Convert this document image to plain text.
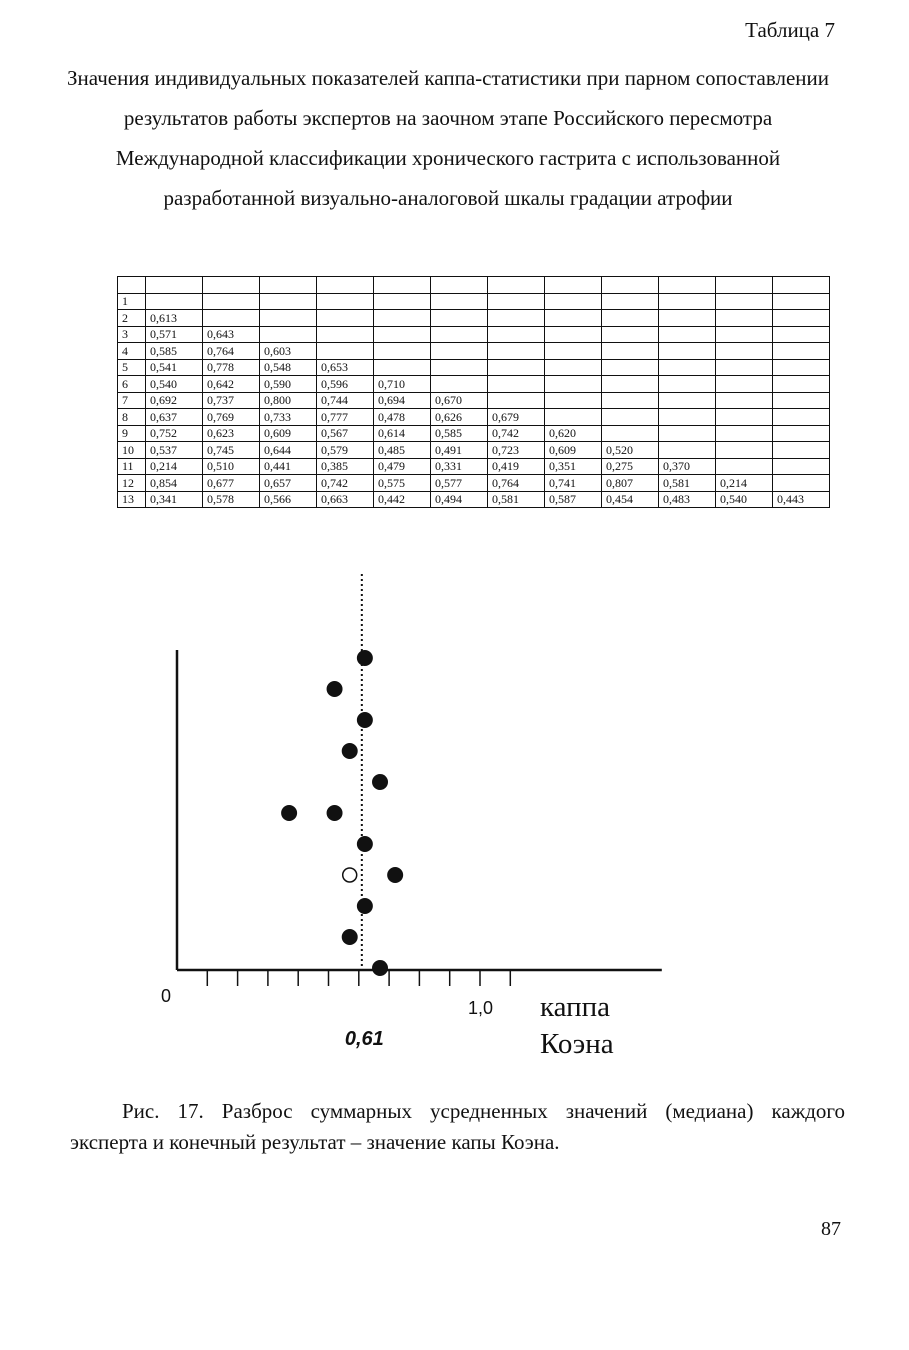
Таблица 7
Значения индивидуальных показателей каппа-статистики при парном сопоставлении результатов работы экспертов на заочном этапе Российского пересмотра Международной классификации хронического гастрита с использованной разработанной визуально-аналоговой шкалы градации атрофии

1												
2	0,613											
3	0,571	0,643										
4	0,585	0,764	0,603									
5	0,541	0,778	0,548	0,653								
6	0,540	0,642	0,590	0,596	0,710							
7	0,692	0,737	0,800	0,744	0,694	0,670						
8	0,637	0,769	0,733	0,777	0,478	0,626	0,679					
9	0,752	0,623	0,609	0,567	0,614	0,585	0,742	0,620				
10	0,537	0,745	0,644	0,579	0,485	0,491	0,723	0,609	0,520			
11	0,214	0,510	0,441	0,385	0,479	0,331	0,419	0,351	0,275	0,370		
12	0,854	0,677	0,657	0,742	0,575	0,577	0,764	0,741	0,807	0,581	0,214	
13	0,341	0,578	0,566	0,663	0,442	0,494	0,581	0,587	0,454	0,483	0,540	0,443
0
1,0
0,61
каппа
Коэна
Рис. 17. Разброс суммарных усредненных значений (медиана) каждого
эксперта и конечный результат – значение капы Коэна.
87
